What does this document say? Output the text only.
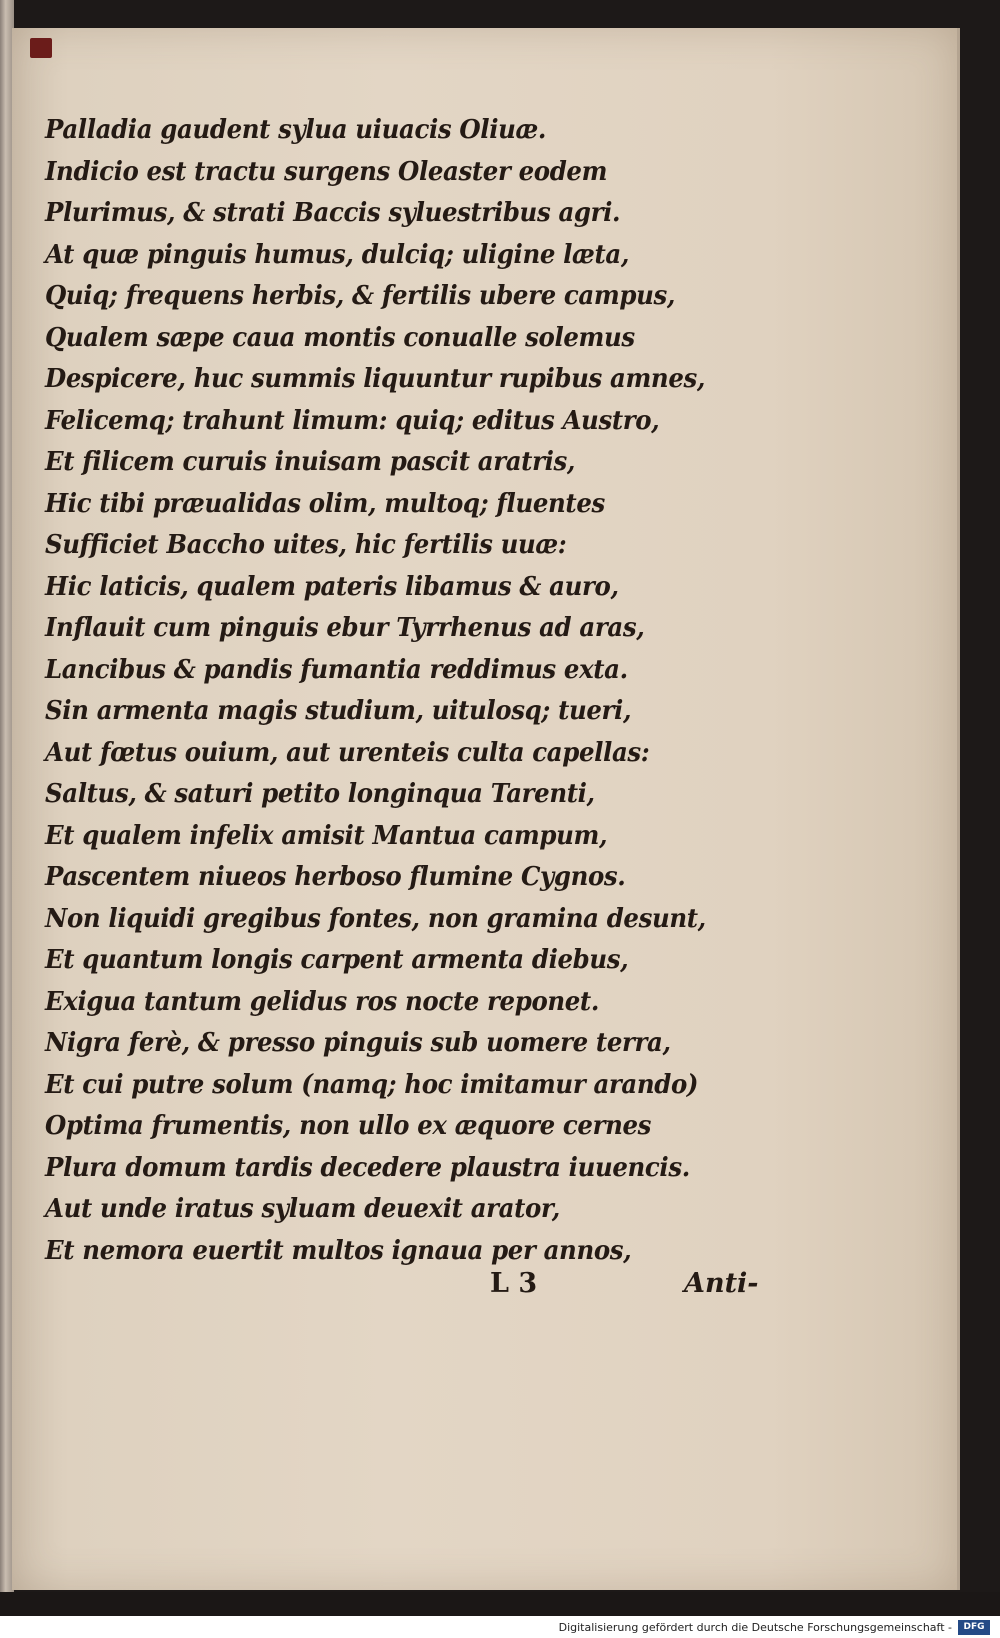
Palladia gaudent sylua uiuacis Oliuæ.
Indicio est tractu surgens Oleaster eodem
Plurimus, & strati Baccis syluestribus agri.
At quæ pinguis humus, dulciq; uligine læta,
Quiq; frequens herbis, & fertilis ubere campus,
Qualem sæpe caua montis conualle solemus
Despicere, huc summis liquuntur rupibus amnes,
Felicemq; trahunt limum: quiq; editus Austro,
Et filicem curuis inuisam pascit aratris,
Hic tibi præualidas olim, multoq; fluentes
Sufficiet Baccho uites, hic fertilis uuæ:
Hic laticis, qualem pateris libamus & auro,
Inflauit cum pinguis ebur Tyrrhenus ad aras,
Lancibus & pandis fumantia reddimus exta.
Sin armenta magis studium, uitulosq; tueri,
Aut fœtus ouium, aut urenteis culta capellas:
Saltus, & saturi petito longinqua Tarenti,
Et qualem infelix amisit Mantua campum,
Pascentem niueos herboso flumine Cygnos.
Non liquidi gregibus fontes, non gramina desunt,
Et quantum longis carpent armenta diebus,
Exigua tantum gelidus ros nocte reponet.
Nigra ferè, & presso pinguis sub uomere terra,
Et cui putre solum (namq; hoc imitamur arando)
Optima frumentis, non ullo ex æquore cernes
Plura domum tardis decedere plaustra iuuencis.
Aut unde iratus syluam deuexit arator,
Et nemora euertit multos ignaua per annos,
L 3	Anti-
Digitalisierung gefördert durch die Deutsche Forschungsgemeinschaft -	DFG
